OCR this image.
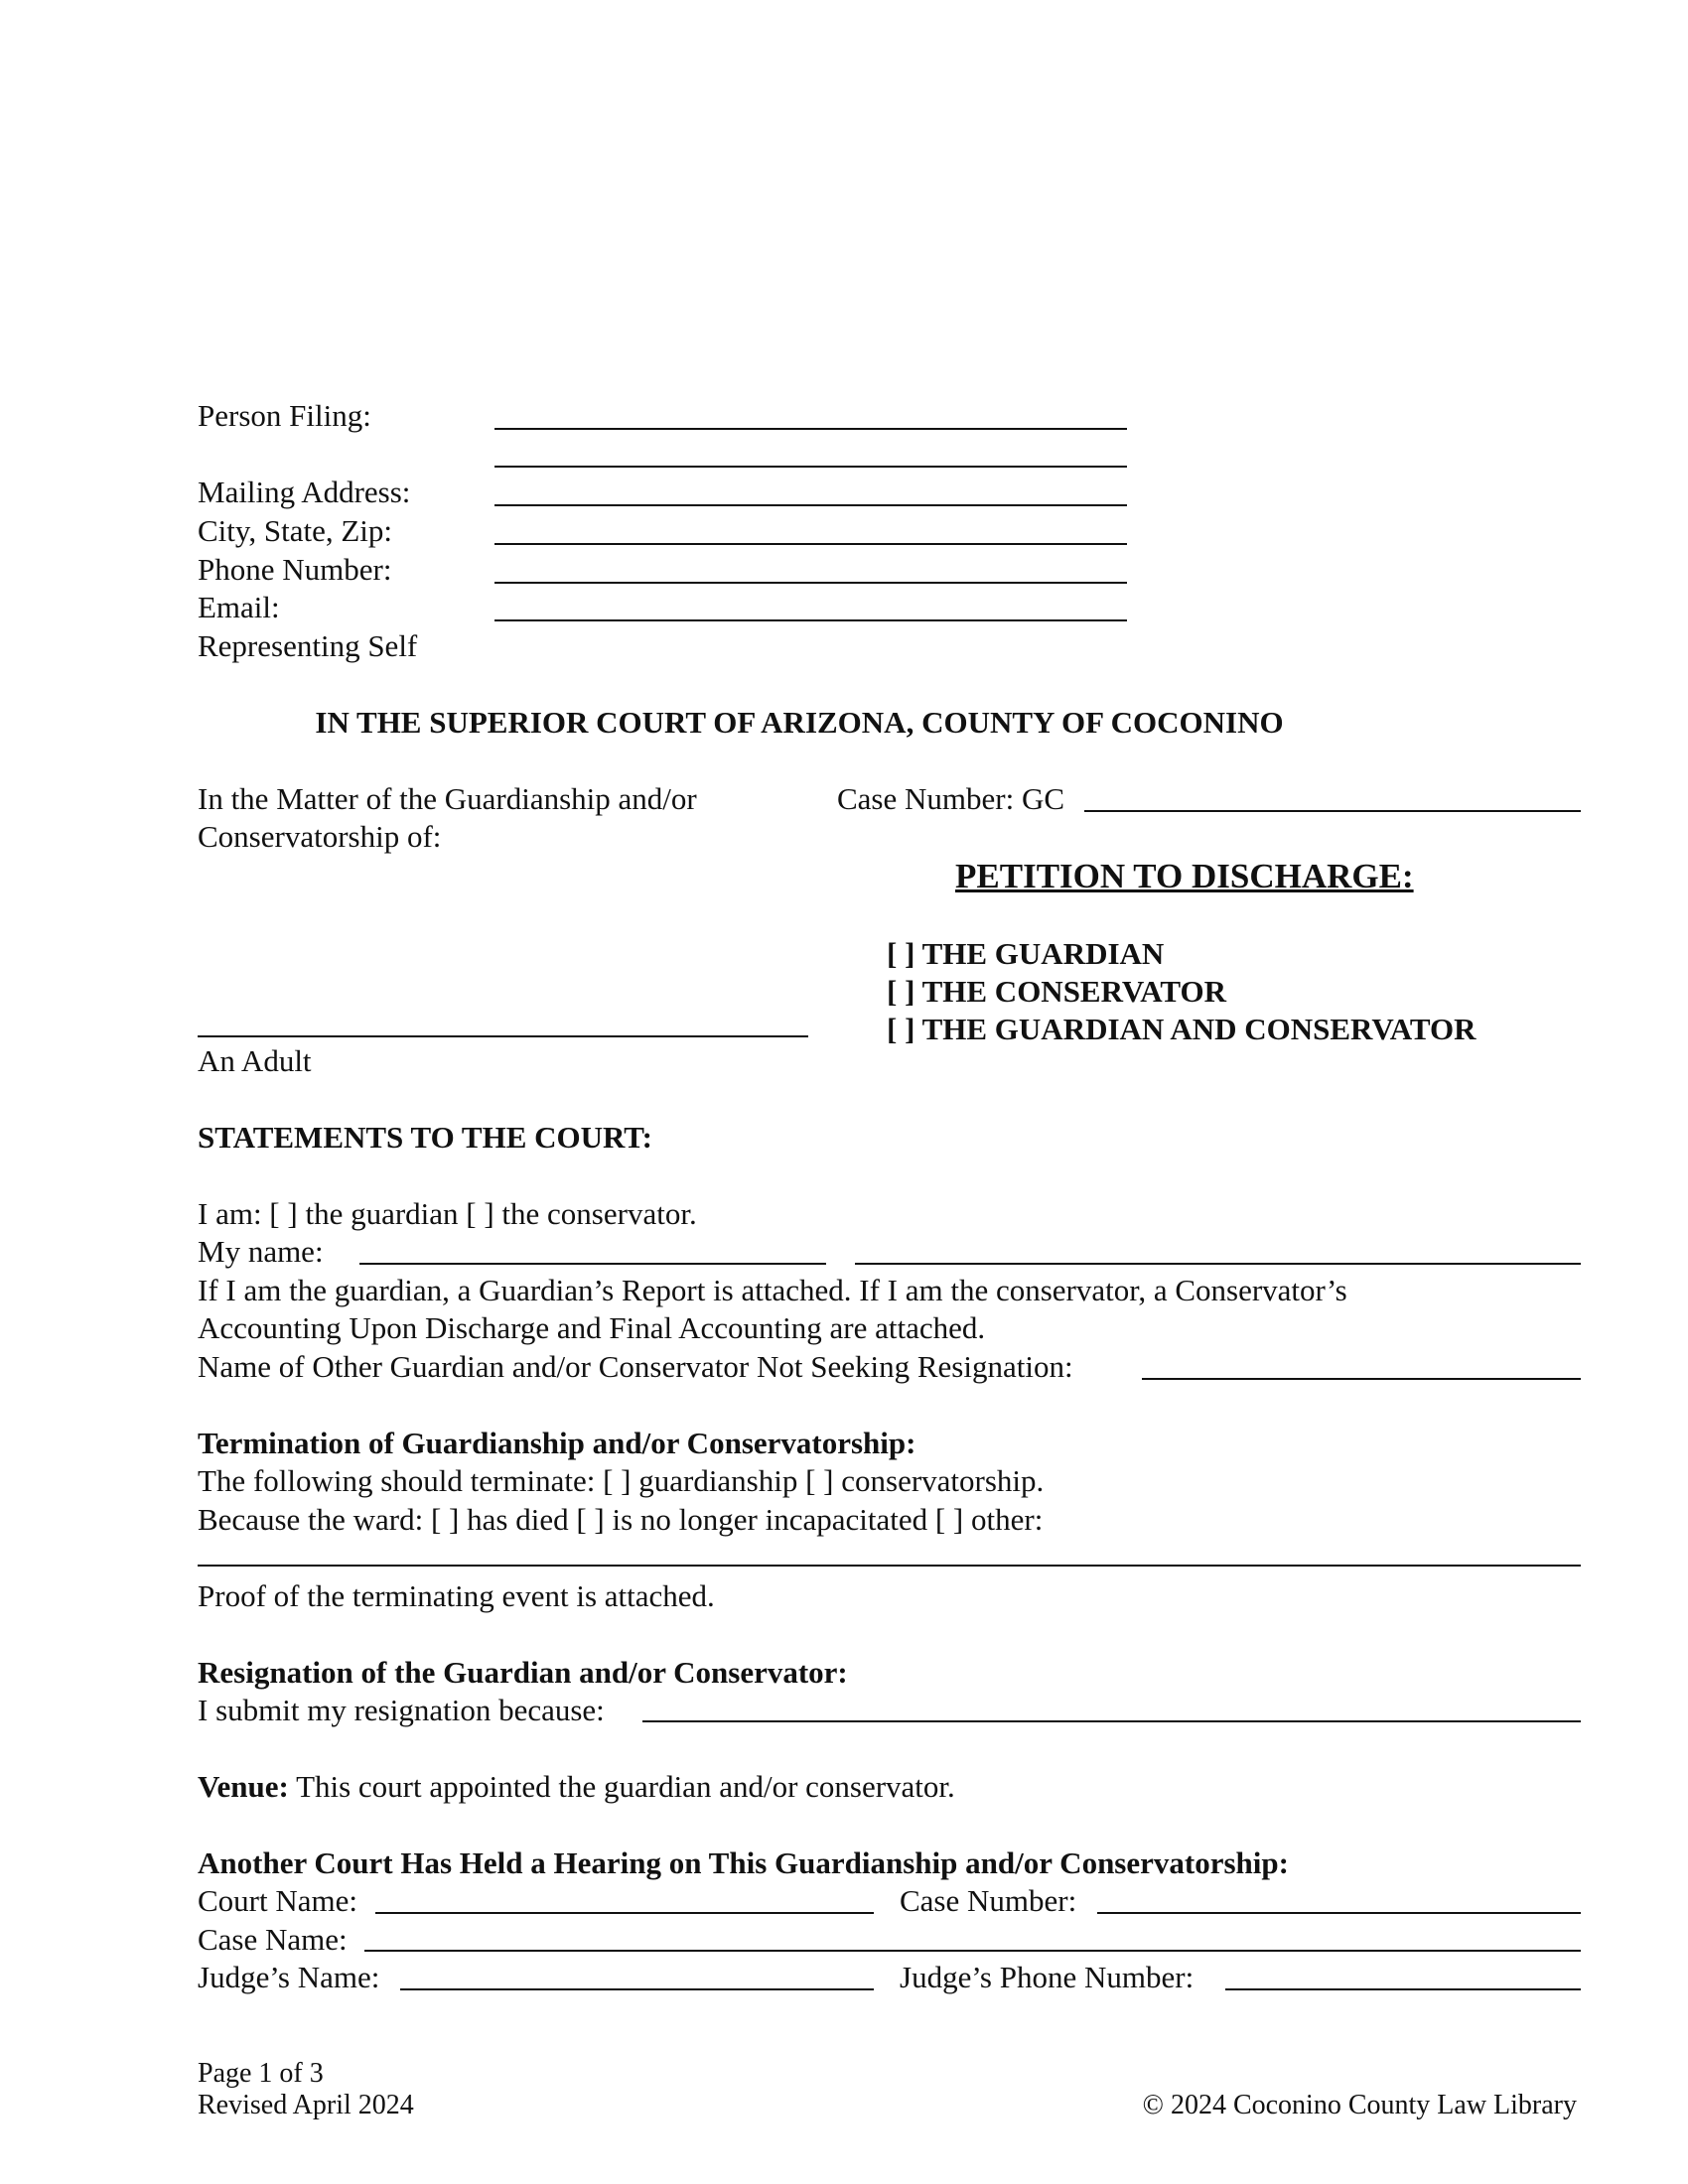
Person Filing:
Mailing Address:
City, State, Zip:
Phone Number:
Email:
Representing Self
IN THE SUPERIOR COURT OF ARIZONA, COUNTY OF COCONINO
In the Matter of the Guardianship and/or
Conservatorship of:
Case Number: GC
PETITION TO DISCHARGE:
[ ] THE GUARDIAN
[ ] THE CONSERVATOR
[ ] THE GUARDIAN AND CONSERVATOR
An Adult
STATEMENTS TO THE COURT:
I am: [ ] the guardian [ ] the conservator.
My name:
If I am the guardian, a Guardian’s Report is attached. If I am the conservator, a Conservator’s
Accounting Upon Discharge and Final Accounting are attached.
Name of Other Guardian and/or Conservator Not Seeking Resignation:
Termination of Guardianship and/or Conservatorship:
The following should terminate: [ ] guardianship [ ] conservatorship.
Because the ward: [ ] has died [ ] is no longer incapacitated [ ] other:
Proof of the terminating event is attached.
Resignation of the Guardian and/or Conservator:
I submit my resignation because:
Venue: This court appointed the guardian and/or conservator.
Another Court Has Held a Hearing on This Guardianship and/or Conservatorship:
Court Name:	Case Number:
Case Name:
Judge’s Name:	Judge’s Phone Number:
Page 1 of 3
Revised April 2024	© 2024 Coconino County Law Library
